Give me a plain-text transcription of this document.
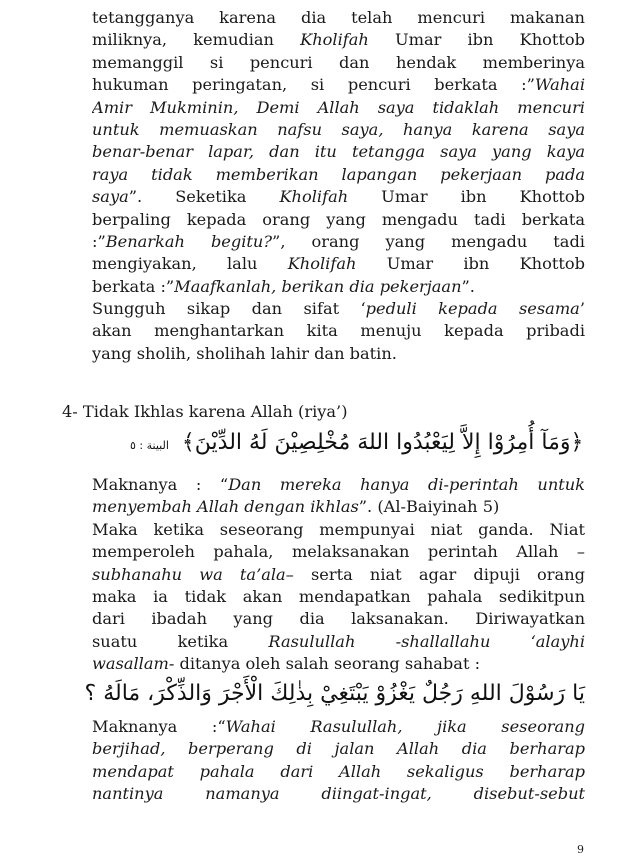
tetangganya karena dia telah mencuri makanan
miliknya, kemudian Kholifah Umar ibn Khottob
memanggil si pencuri dan hendak memberinya
hukuman peringatan, si pencuri berkata :”Wahai
Amir Mukminin, Demi Allah saya tidaklah mencuri
untuk memuaskan nafsu saya, hanya karena saya
benar-benar lapar, dan itu tetangga saya yang kaya
raya tidak memberikan lapangan pekerjaan pada
saya”. Seketika Kholifah Umar ibn Khottob
berpaling kepada orang yang mengadu tadi berkata
:”Benarkah begitu?”, orang yang mengadu tadi
mengiyakan, lalu Kholifah Umar ibn Khottob
berkata :”Maafkanlah, berikan dia pekerjaan”.
Sungguh sikap dan sifat ‘peduli kepada sesama’
akan menghantarkan kita menuju kepada pribadi
yang sholih, sholihah lahir dan batin.
4- Tidak Ikhlas karena Allah (riya’)
﴿وَمَآ أُمِرُوْا إِلاَّ لِيَعْبُدُوا اللهَ مُخْلِصِيْنَ لَهُ الدِّيْنَ﴾ البينة : ٥
Maknanya : “Dan mereka hanya di-perintah untuk
menyembah Allah dengan ikhlas”. (Al-Baiyinah 5)
Maka ketika seseorang mempunyai niat ganda. Niat
memperoleh pahala, melaksanakan perintah Allah –
subhanahu wa ta’ala– serta niat agar dipuji orang
maka ia tidak akan mendapatkan pahala sedikitpun
dari ibadah yang dia laksanakan. Diriwayatkan
suatu ketika Rasulullah -shallallahu ‘alayhi
wasallam- ditanya oleh salah seorang sahabat :
يَا رَسُوْلَ اللهِ رَجُلٌ يَغْزُوْ يَبْتَغِيْ بِذٰلِكَ الْأَجْرَ وَالذِّكْرَ، مَالَهُ ؟
Maknanya :“Wahai Rasulullah, jika seseorang
berjihad, berperang di jalan Allah dia berharap
mendapat pahala dari Allah sekaligus berharap
nantinya namanya diingat-ingat, disebut-sebut
9
